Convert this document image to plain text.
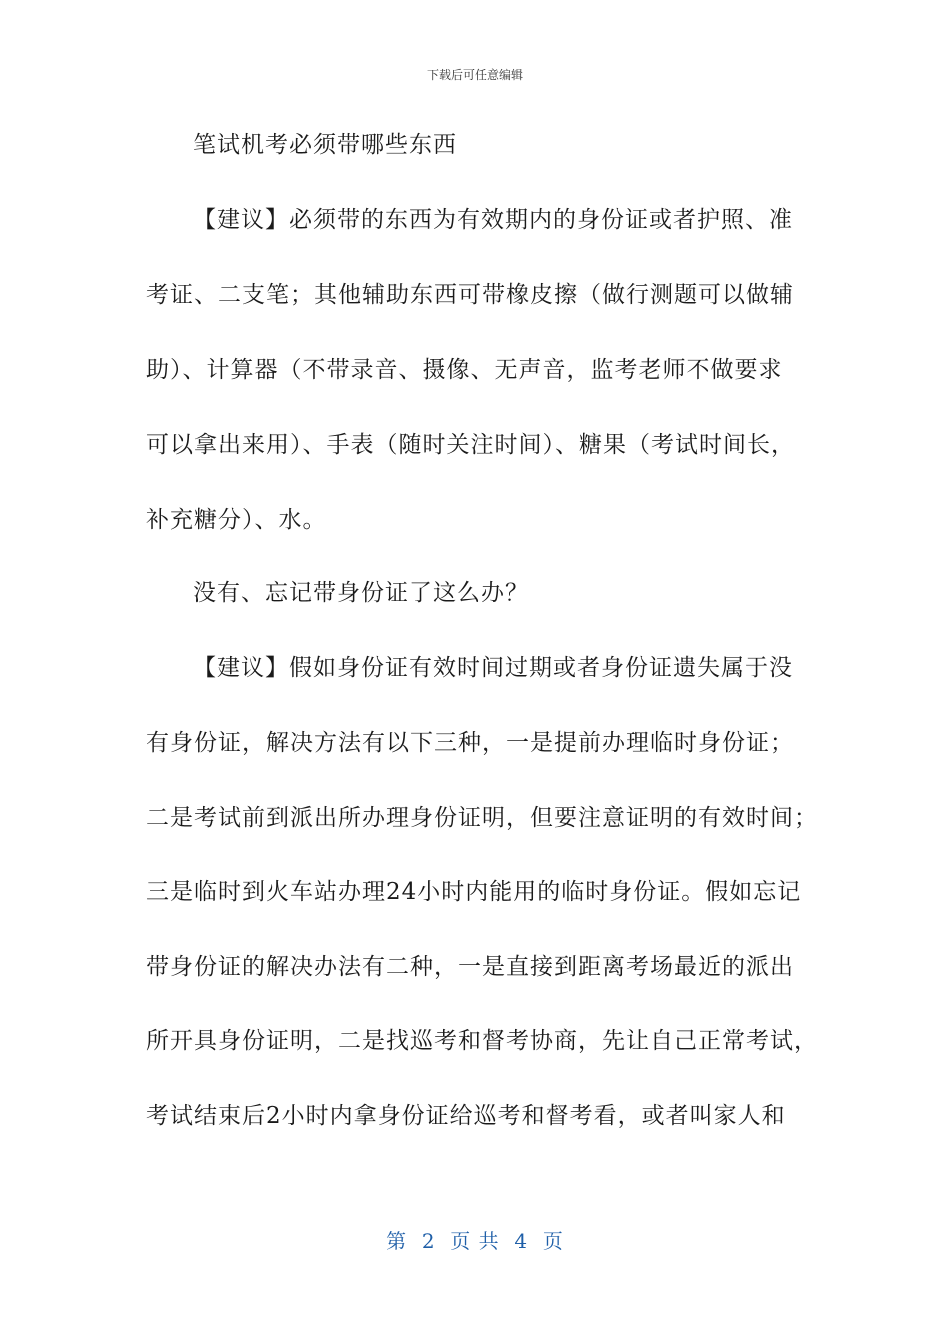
下载后可任意编辑
笔试机考必须带哪些东西
【建议】必须带的东西为有效期内的身份证或者护照、准
考证、二支笔；其他辅助东西可带橡皮擦（做行测题可以做辅
助）、计算器（不带录音、摄像、无声音，监考老师不做要求
可以拿出来用）、手表（随时关注时间）、糖果（考试时间长，
补充糖分）、水。
没有、忘记带身份证了这么办？
【建议】假如身份证有效时间过期或者身份证遗失属于没
有身份证，解决方法有以下三种，一是提前办理临时身份证；
二是考试前到派出所办理身份证明，但要注意证明的有效时间；
三是临时到火车站办理24小时内能用的临时身份证。假如忘记
带身份证的解决办法有二种，一是直接到距离考场最近的派出
所开具身份证明，二是找巡考和督考协商，先让自己正常考试，
考试结束后2小时内拿身份证给巡考和督考看，或者叫家人和
第  2  页 共  4  页
